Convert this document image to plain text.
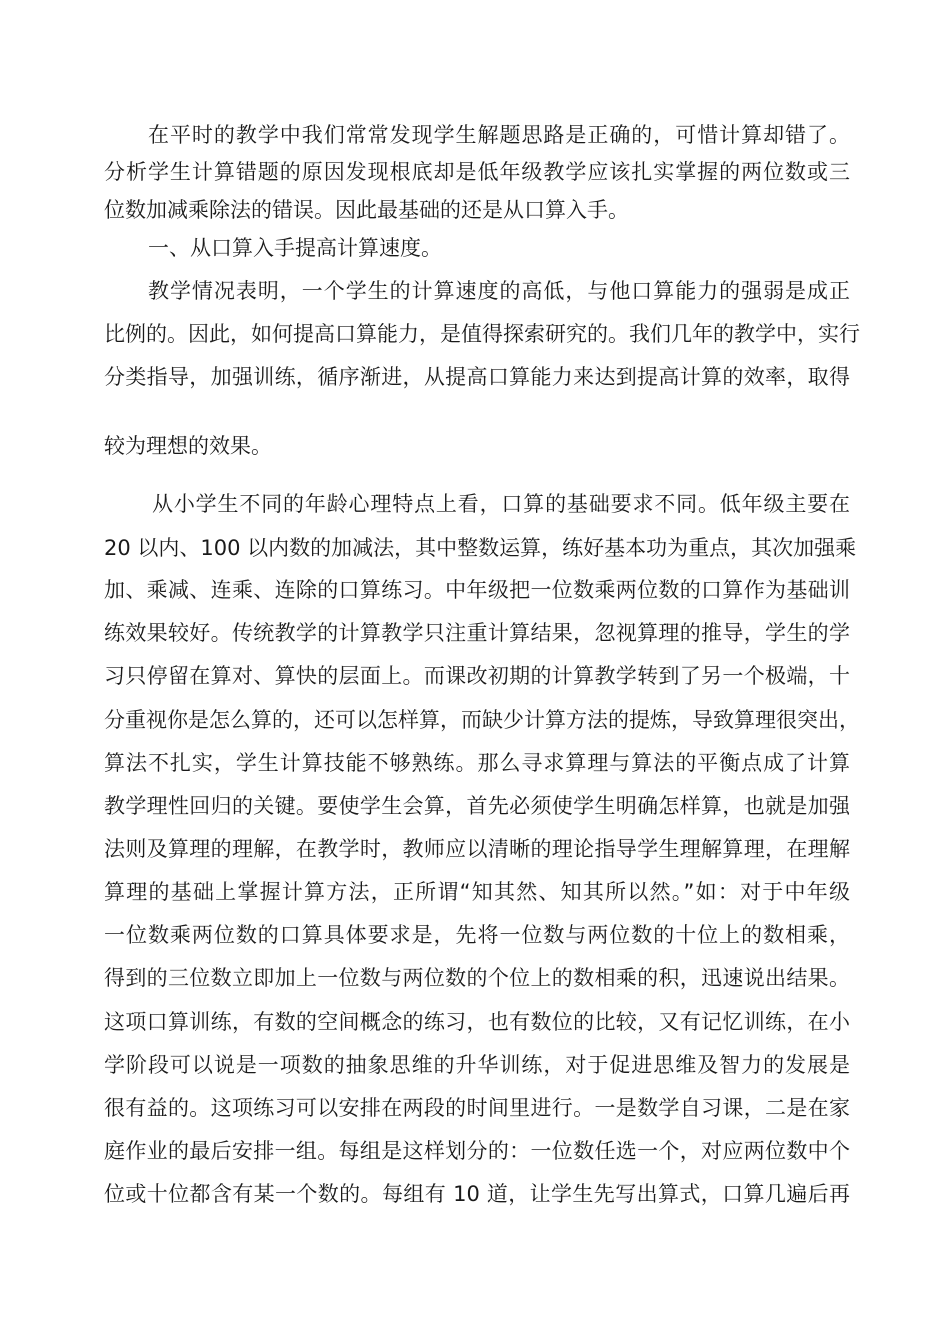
在平时的教学中我们常常发现学生解题思路是正确的，可惜计算却错了。
分析学生计算错题的原因发现根底却是低年级教学应该扎实掌握的两位数或三
位数加减乘除法的错误。因此最基础的还是从口算入手。
一、从口算入手提高计算速度。
教学情况表明，一个学生的计算速度的高低，与他口算能力的强弱是成正
比例的。因此，如何提高口算能力，是值得探索研究的。我们几年的教学中，实行
分类指导，加强训练，循序渐进，从提高口算能力来达到提高计算的效率，取得
较为理想的效果。
从小学生不同的年龄心理特点上看，口算的基础要求不同。低年级主要在
20 以内、100 以内数的加减法，其中整数运算，练好基本功为重点，其次加强乘
加、乘减、连乘、连除的口算练习。中年级把一位数乘两位数的口算作为基础训
练效果较好。传统教学的计算教学只注重计算结果，忽视算理的推导，学生的学
习只停留在算对、算快的层面上。而课改初期的计算教学转到了另一个极端，十
分重视你是怎么算的，还可以怎样算，而缺少计算方法的提炼，导致算理很突出，
算法不扎实，学生计算技能不够熟练。那么寻求算理与算法的平衡点成了计算
教学理性回归的关键。要使学生会算，首先必须使学生明确怎样算，也就是加强
法则及算理的理解，在教学时，教师应以清晰的理论指导学生理解算理，在理解
算理的基础上掌握计算方法，正所谓“知其然、知其所以然。”如：对于中年级
一位数乘两位数的口算具体要求是，先将一位数与两位数的十位上的数相乘，
得到的三位数立即加上一位数与两位数的个位上的数相乘的积，迅速说出结果。
这项口算训练，有数的空间概念的练习，也有数位的比较，又有记忆训练，在小
学阶段可以说是一项数的抽象思维的升华训练，对于促进思维及智力的发展是
很有益的。这项练习可以安排在两段的时间里进行。一是数学自习课，二是在家
庭作业的最后安排一组。每组是这样划分的：一位数任选一个，对应两位数中个
位或十位都含有某一个数的。每组有 10 道，让学生先写出算式，口算几遍后再
